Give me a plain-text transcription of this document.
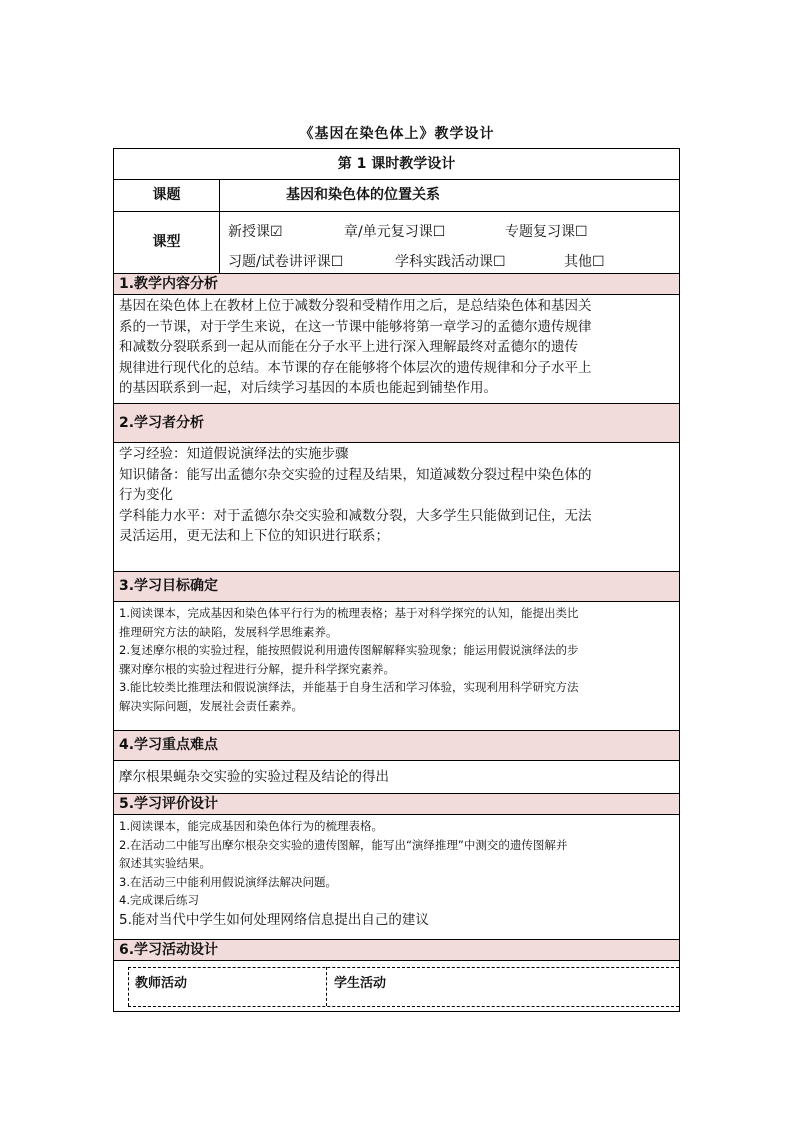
《基因在染色体上》教学设计
第 1 课时教学设计
课题	基因和染色体的位置关系
课型
新授课☑	章/单元复习课☐	专题复习课☐
习题/试卷讲评课☐	学科实践活动课☐	其他☐
1.教学内容分析
基因在染色体上在教材上位于减数分裂和受精作用之后，是总结染色体和基因关
系的一节课，对于学生来说，在这一节课中能够将第一章学习的孟德尔遗传规律
和减数分裂联系到一起从而能在分子水平上进行深入理解最终对孟德尔的遗传
规律进行现代化的总结。本节课的存在能够将个体层次的遗传规律和分子水平上
的基因联系到一起，对后续学习基因的本质也能起到铺垫作用。
2.学习者分析
学习经验：知道假说演绎法的实施步骤
知识储备：能写出孟德尔杂交实验的过程及结果，知道减数分裂过程中染色体的
行为变化
学科能力水平：对于孟德尔杂交实验和减数分裂，大多学生只能做到记住，无法
灵活运用，更无法和上下位的知识进行联系；
3.学习目标确定
1.阅读课本，完成基因和染色体平行行为的梳理表格；基于对科学探究的认知，能提出类比
推理研究方法的缺陷，发展科学思维素养。
2.复述摩尔根的实验过程，能按照假说利用遗传图解解释实验现象；能运用假说演绎法的步
骤对摩尔根的实验过程进行分解，提升科学探究素养。
3.能比较类比推理法和假说演绎法，并能基于自身生活和学习体验，实现利用科学研究方法
解决实际问题，发展社会责任素养。
4.学习重点难点
摩尔根果蝇杂交实验的实验过程及结论的得出
5.学习评价设计
1.阅读课本，能完成基因和染色体行为的梳理表格。
2.在活动二中能写出摩尔根杂交实验的遗传图解，能写出“演绎推理”中测交的遗传图解并
叙述其实验结果。
3.在活动三中能利用假说演绎法解决问题。
4.完成课后练习
5.能对当代中学生如何处理网络信息提出自己的建议
6.学习活动设计
教师活动	学生活动
